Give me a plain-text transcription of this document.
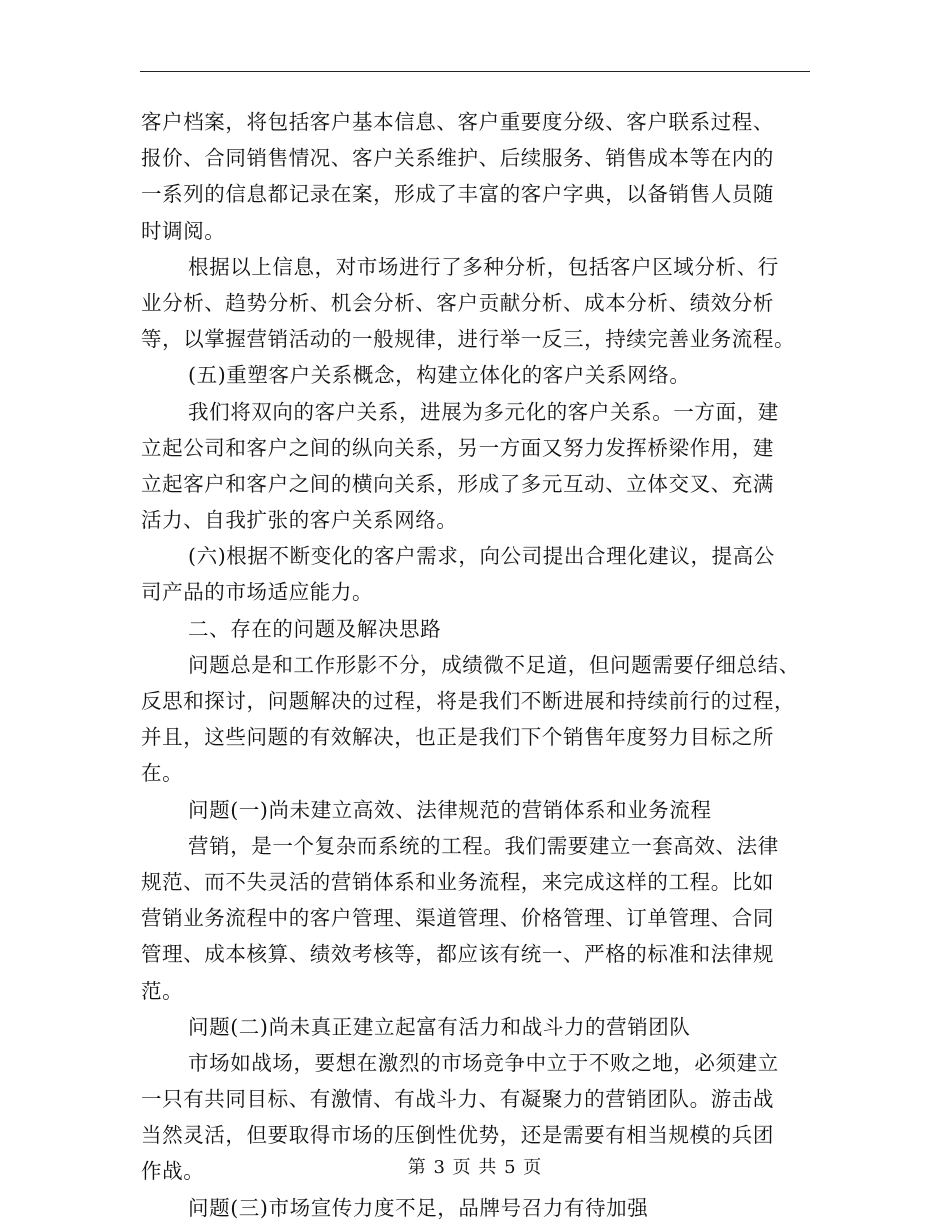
客户档案，将包括客户基本信息、客户重要度分级、客户联系过程、
报价、合同销售情况、客户关系维护、后续服务、销售成本等在内的
一系列的信息都记录在案，形成了丰富的客户字典，以备销售人员随
时调阅。
根据以上信息，对市场进行了多种分析，包括客户区域分析、行
业分析、趋势分析、机会分析、客户贡献分析、成本分析、绩效分析
等，以掌握营销活动的一般规律，进行举一反三，持续完善业务流程。
(五)重塑客户关系概念，构建立体化的客户关系网络。
我们将双向的客户关系，进展为多元化的客户关系。一方面，建
立起公司和客户之间的纵向关系，另一方面又努力发挥桥梁作用，建
立起客户和客户之间的横向关系，形成了多元互动、立体交叉、充满
活力、自我扩张的客户关系网络。
(六)根据不断变化的客户需求，向公司提出合理化建议，提高公
司产品的市场适应能力。
二、存在的问题及解决思路
问题总是和工作形影不分，成绩微不足道，但问题需要仔细总结、
反思和探讨，问题解决的过程，将是我们不断进展和持续前行的过程，
并且，这些问题的有效解决，也正是我们下个销售年度努力目标之所
在。
问题(一)尚未建立高效、法律规范的营销体系和业务流程
营销，是一个复杂而系统的工程。我们需要建立一套高效、法律
规范、而不失灵活的营销体系和业务流程，来完成这样的工程。比如
营销业务流程中的客户管理、渠道管理、价格管理、订单管理、合同
管理、成本核算、绩效考核等，都应该有统一、严格的标准和法律规
范。
问题(二)尚未真正建立起富有活力和战斗力的营销团队
市场如战场，要想在激烈的市场竞争中立于不败之地，必须建立
一只有共同目标、有激情、有战斗力、有凝聚力的营销团队。游击战
当然灵活，但要取得市场的压倒性优势，还是需要有相当规模的兵团
作战。
问题(三)市场宣传力度不足，品牌号召力有待加强
第 3 页 共 5 页
